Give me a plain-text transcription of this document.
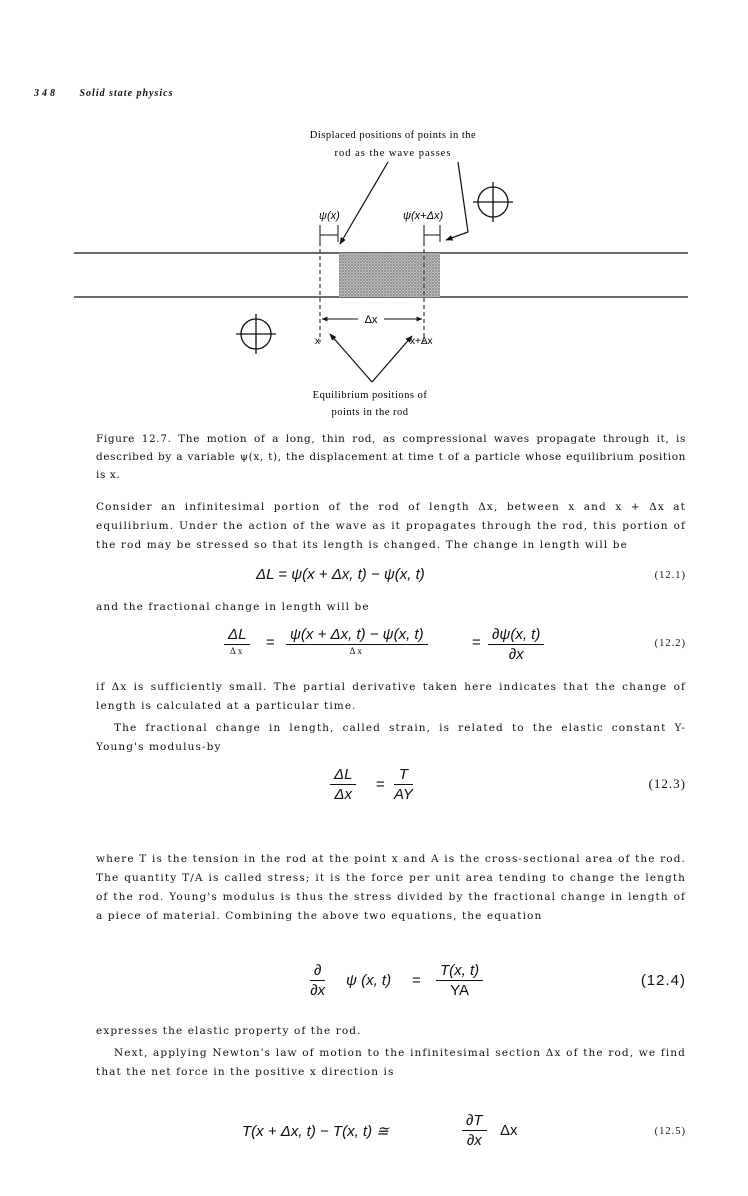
348 Solid state physics
Displaced positions of points in the
rod as the wave passes
ψ(x)	ψ(x+Δx)
Δx
x	x+Δx
Equilibrium positions of
points in the rod
Figure 12.7. The motion of a long, thin rod, as compressional waves propagate through it, is described by a variable ψ(x, t), the displacement at time t of a particle whose equilibrium position is x.
Consider an infinitesimal portion of the rod of length Δx, between x and x + Δx at equilibrium. Under the action of the wave as it propagates through the rod, this portion of the rod may be stressed so that its length is changed. The change in length will be
ΔL = ψ(x + Δx, t) − ψ(x, t)	(12.1)
and the fractional change in length will be
ΔL
Δx	= ψ(x + Δx, t) − ψ(x, t)
Δx	= $\frac{\partial\psi(x, t)}{\partial x}$	(12.2)
if Δx is sufficiently small. The partial derivative taken here indicates that the change of length is calculated at a particular time.
The fractional change in length, called strain, is related to the elastic constant Y-Young's modulus-by
$\frac{\Delta L}{\Delta x} = \frac{T}{AY}$	(12.3)
where T is the tension in the rod at the point x and A is the cross-sectional area of the rod. The quantity T/A is called stress; it is the force per unit area tending to change the length of the rod. Young's modulus is thus the stress divided by the fractional change in length of a piece of material. Combining the above two equations, the equation
∂
∂x
ψ (x, $t) = \frac{T(x, t)}{YA}$	(12.4)
expresses the elastic property of the rod.
Next, applying Newton's law of motion to the infinitesimal section Δx of the rod, we find that the net force in the positive x direction is
T(x + Δx, t) − T(x, t) ≅	$\frac{\partial T}{\partial x}$ Δx	(12.5)
